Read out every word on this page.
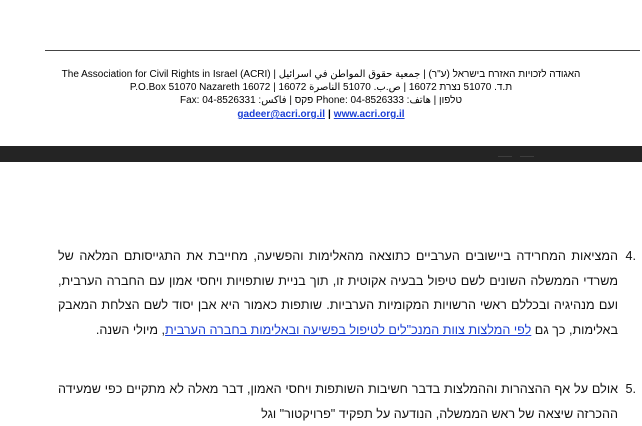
האגודה לזכויות האזרח בישראל (ע"ר) | جمعية حقوق المواطن في اسرائيل | The Association for Civil Rights in Israel (ACRI)
ת.ד. 51070 נצרת 16072 | ص.ب. 51070 الناصرة 16072 | P.O.Box 51070 Nazareth 16072
טלפון | هاتف: Phone: 04-8526333 פקס | فاكس: Fax: 04-8526331
gadeer@acri.org.il | www.acri.org.il
4.
המציאות המחרידה ביישובים הערביים כתוצאה מהאלימות והפשיעה, מחייבת את התגייסותם המלאה של משרדי הממשלה השונים לשם טיפול בבעיה אקוטית זו, תוך בניית שותפויות ויחסי אמון עם החברה הערבית, ועם מנהיגיה ובכללם ראשי הרשויות המקומיות הערביות. שותפות כאמור היא אבן יסוד לשם הצלחת המאבק באלימות, כך גם לפי המלצות צוות המנכ"לים לטיפול בפשיעה ובאלימות בחברה הערבית, מיולי השנה.
5.
אולם על אף ההצהרות וההמלצות בדבר חשיבות השותפות ויחסי האמון, דבר מאלה לא מתקיים כפי שמעידה ההכרזה שיצאה של ראש הממשלה, הנודעה על תפקיד "פרויקטור" וגל
